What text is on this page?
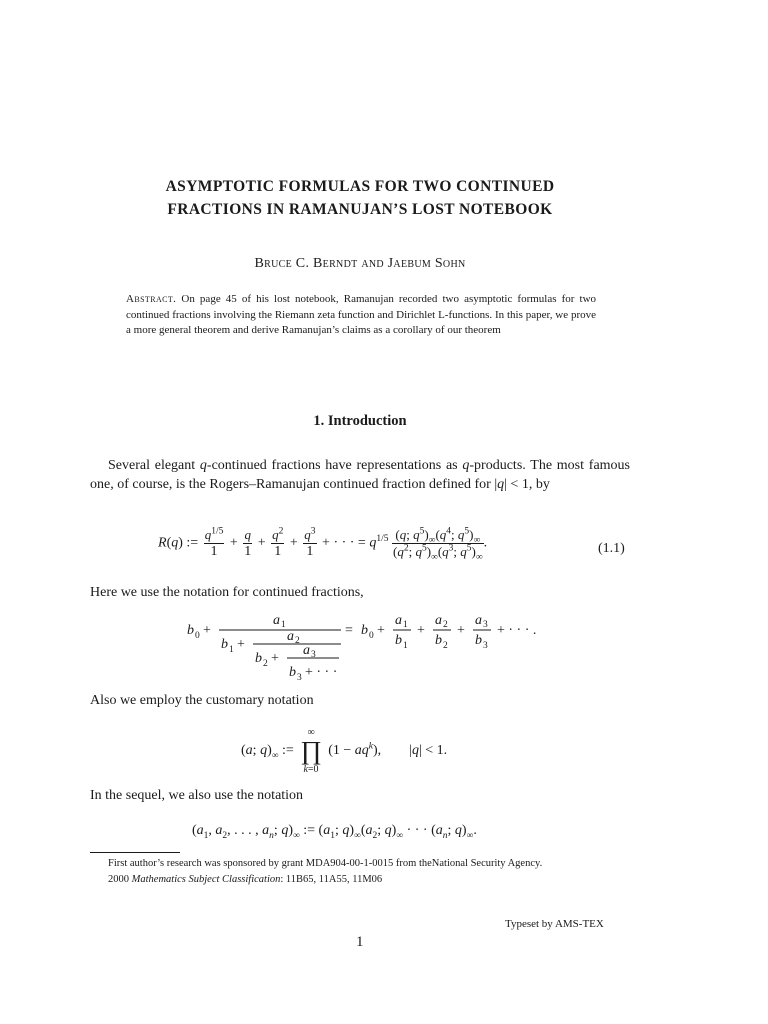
ASYMPTOTIC FORMULAS FOR TWO CONTINUED
FRACTIONS IN RAMANUJAN’S LOST NOTEBOOK
Bruce C. Berndt and Jaebum Sohn
Abstract. On page 45 of his lost notebook, Ramanujan recorded two asymptotic formulas for two continued fractions involving the Riemann zeta function and Dirichlet L-functions. In this paper, we prove a more general theorem and derive Ramanujan’s claims as a corollary of our theorem
1. Introduction
Several elegant q-continued fractions have representations as q-products. The most famous one, of course, is the Rogers–Ramanujan continued fraction defined for |q| < 1, by
R(q) := $\frac{q^{1/5}}{1} + \frac{q}{1} + \frac{q^2}{1} + \frac{q^3}{1}$ + · · · = $q^{1/5} \frac{(q; q^5)_\infty(q^4; q^5)_\infty}{(q^2; q^5)_\infty(q^3; q^5)_\infty}$ .	(1.1)
Here we use the notation for continued fractions,
b 0 +
a 1
b 1 +
a 2
b 2 +
a 3
b 3 + · · ·
= b 0 +
a 1
b 1
+
a 2
b 2
+
a 3
b 3
+ · · · .
Also we employ the customary notation
(a; $q)_\infty$ :=
∞
∏
k=0
$(1 - aq^k)$,        |q| < 1.
In the sequel, we also use the notation
($a_1$, $a_2$, . . . , $a_n$; $q)_\infty$ := ($a_1$; $q)_\infty(a_2$; $q)_\infty$ · · · ($a_n$; $q)_\infty$.
First author’s research was sponsored by grant MDA904-00-1-0015 from theNational Security Agency.
2000 Mathematics Subject Classification: 11B65, 11A55, 11M06
Typeset by AMS-TEX
1
